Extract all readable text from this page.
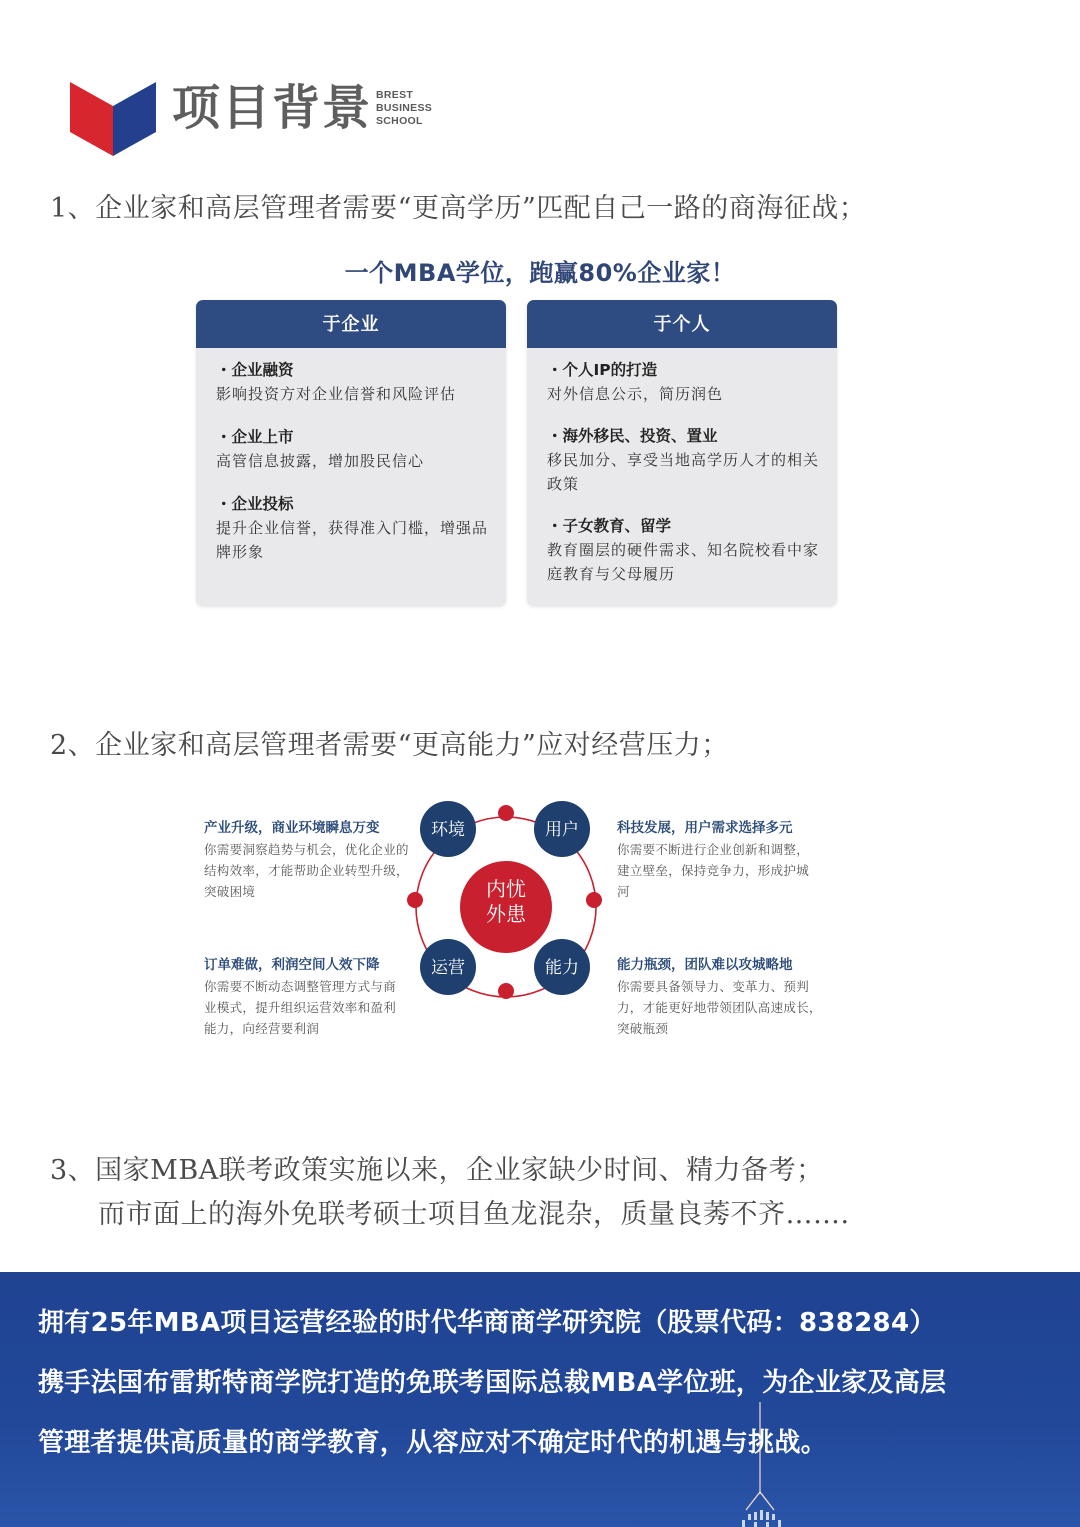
项目背景 BREST
BUSINESS
SCHOOL
1、企业家和高层管理者需要“更高学历”匹配自己一路的商海征战；
一个MBA学位，跑赢80%企业家！
于企业
・企业融资
影响投资方对企业信誉和风险评估
・企业上市
高管信息披露，增加股民信心
・企业投标
提升企业信誉，获得准入门槛，增强品牌形象
于个人
・个人IP的打造
对外信息公示，简历润色
・海外移民、投资、置业
移民加分、享受当地高学历人才的相关政策
・子女教育、留学
教育圈层的硬件需求、知名院校看中家庭教育与父母履历
2、企业家和高层管理者需要“更高能力”应对经营压力；
内忧
外患
环境	用户
运营	能力
产业升级，商业环境瞬息万变
你需要洞察趋势与机会，优化企业的结构效率，才能帮助企业转型升级，突破困境
科技发展，用户需求选择多元
你需要不断进行企业创新和调整，建立壁垒，保持竞争力，形成护城河
订单难做，利润空间人效下降
你需要不断动态调整管理方式与商业模式，提升组织运营效率和盈利能力，向经营要利润
能力瓶颈，团队难以攻城略地
你需要具备领导力、变革力、预判力，才能更好地带领团队高速成长，突破瓶颈
3、国家MBA联考政策实施以来，企业家缺少时间、精力备考；
而市面上的海外免联考硕士项目鱼龙混杂，质量良莠不齐…….
拥有25年MBA项目运营经验的时代华商商学研究院（股票代码：838284）
携手法国布雷斯特商学院打造的免联考国际总裁MBA学位班，为企业家及高层
管理者提供高质量的商学教育，从容应对不确定时代的机遇与挑战。
